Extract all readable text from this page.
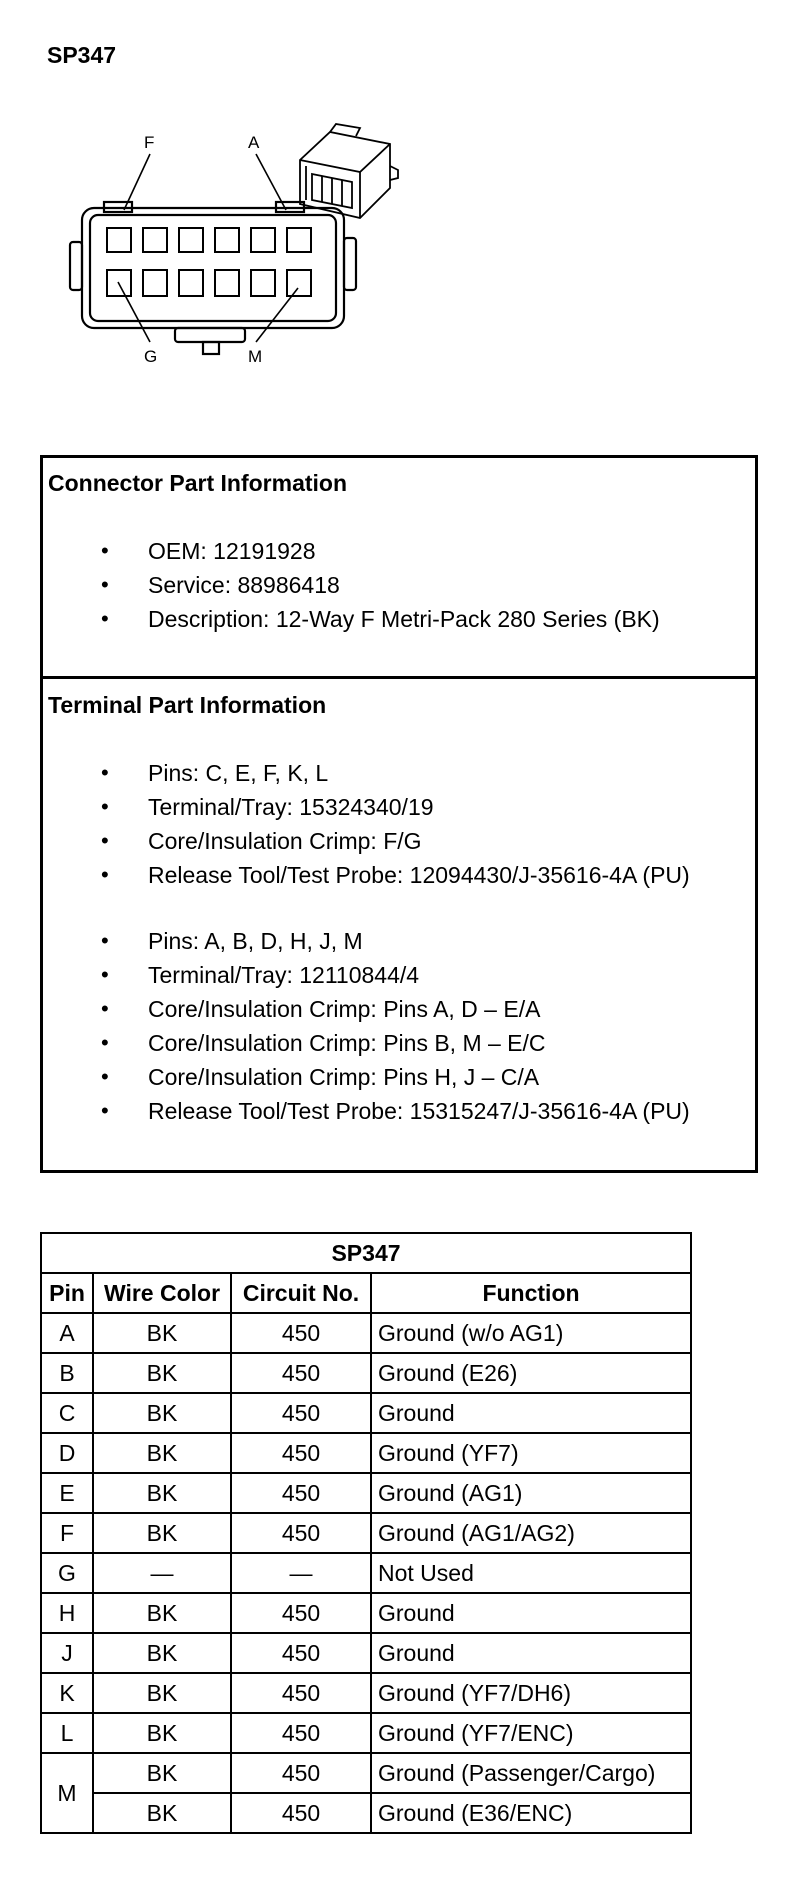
SP347
F	A
G	M
Connector Part Information
• OEM: 12191928
• Service: 88986418
• Description: 12-Way F Metri-Pack 280 Series (BK)
Terminal Part Information
• Pins: C, E, F, K, L
• Terminal/Tray: 15324340/19
• Core/Insulation Crimp: F/G
• Release Tool/Test Probe: 12094430/J-35616-4A (PU)
• Pins: A, B, D, H, J, M
• Terminal/Tray: 12110844/4
• Core/Insulation Crimp: Pins A, D – E/A
• Core/Insulation Crimp: Pins B, M – E/C
• Core/Insulation Crimp: Pins H, J – C/A
• Release Tool/Test Probe: 15315247/J-35616-4A (PU)
SP347			
Pin	Wire Color	Circuit No.	Function
A	BK	450	Ground (w/o AG1)
B	BK	450	Ground (E26)
C	BK	450	Ground
D	BK	450	Ground (YF7)
E	BK	450	Ground (AG1)
F	BK	450	Ground (AG1/AG2)
G	—	—	Not Used
H	BK	450	Ground
J	BK	450	Ground
K	BK	450	Ground (YF7/DH6)
L	BK	450	Ground (YF7/ENC)
M	BK	450	Ground (Passenger/Cargo)
	BK	450	Ground (E36/ENC)
